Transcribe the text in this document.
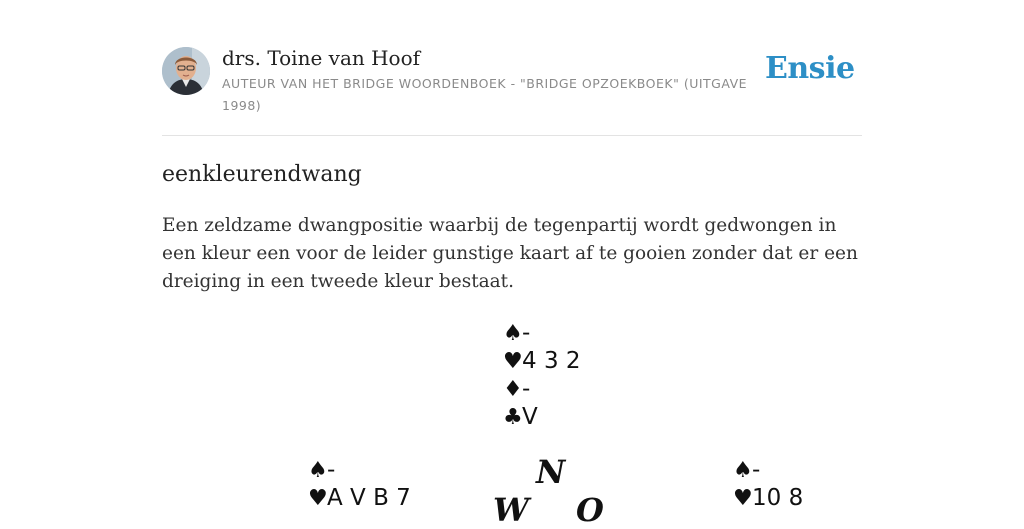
drs. Toine van Hoof
AUTEUR VAN HET BRIDGE WOORDENBOEK - "BRIDGE OPZOEKBOEK" (UITGAVE 1998)
Ensie
eenkleurendwang

Een zeldzame dwangpositie waarbij de tegenpartij wordt gedwongen in een kleur een voor de leider gunstige kaart af te gooien zonder dat er een dreiging in een tweede kleur bestaat.

♠-
♥4 3 2
♦-
♣V
N
W O
♠-
♥A V B 7
♠-
♥10 8
